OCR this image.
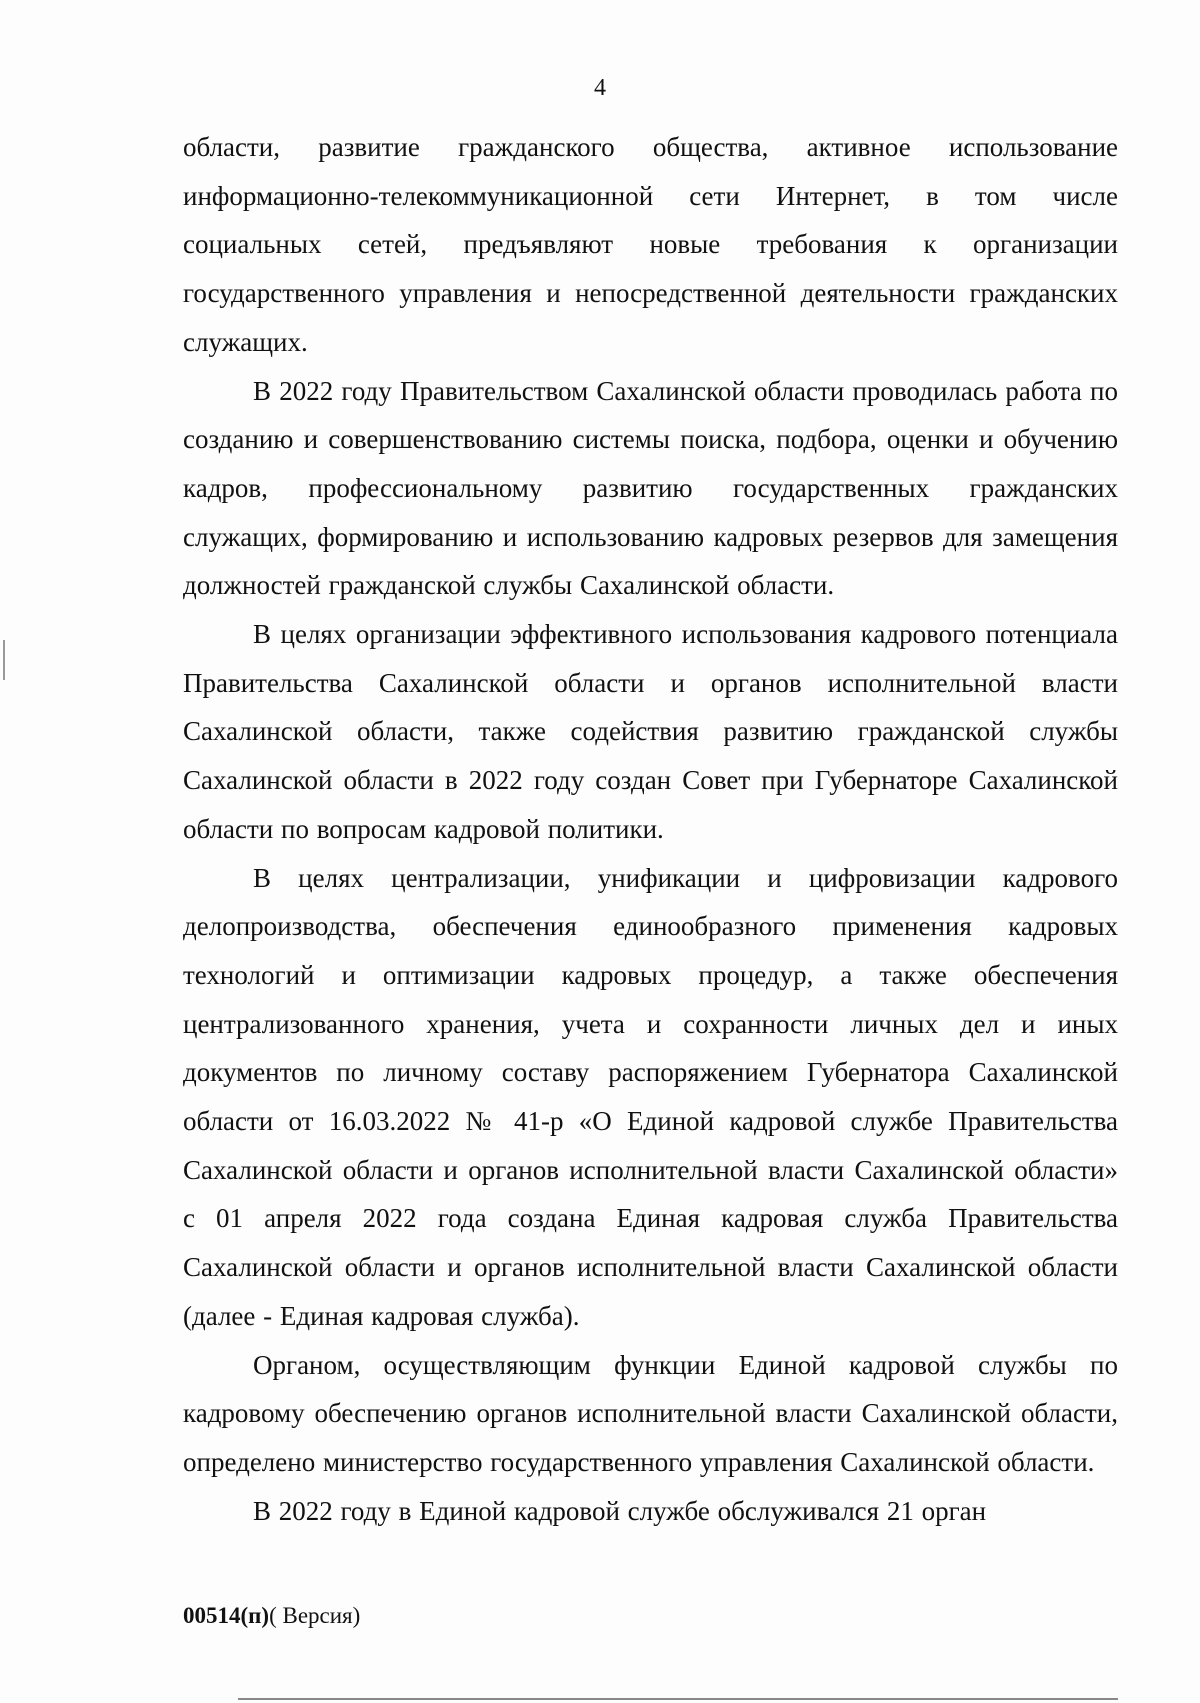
4

области, развитие гражданского общества, активное использование информационно-телекоммуникационной сети Интернет, в том числе социальных сетей, предъявляют новые требования к организации государственного управления и непосредственной деятельности гражданских служащих.

В 2022 году Правительством Сахалинской области проводилась работа по созданию и совершенствованию системы поиска, подбора, оценки и обучению кадров, профессиональному развитию государственных гражданских служащих, формированию и использованию кадровых резервов для замещения должностей гражданской службы Сахалинской области.

В целях организации эффективного использования кадрового потенциала Правительства Сахалинской области и органов исполнительной власти Сахалинской области, также содействия развитию гражданской службы Сахалинской области в 2022 году создан Совет при Губернаторе Сахалинской области по вопросам кадровой политики.

В целях централизации, унификации и цифровизации кадрового делопроизводства, обеспечения единообразного применения кадровых технологий и оптимизации кадровых процедур, а также обеспечения централизованного хранения, учета и сохранности личных дел и иных документов по личному составу распоряжением Губернатора Сахалинской области от 16.03.2022 № 41-р «О Единой кадровой службе Правительства Сахалинской области и органов исполнительной власти Сахалинской области» с 01 апреля 2022 года создана Единая кадровая служба Правительства Сахалинской области и органов исполнительной власти Сахалинской области (далее - Единая кадровая служба).

Органом, осуществляющим функции Единой кадровой службы по кадровому обеспечению органов исполнительной власти Сахалинской области, определено министерство государственного управления Сахалинской области.

В 2022 году в Единой кадровой службе обслуживался 21 орган

00514(п)( Версия)
